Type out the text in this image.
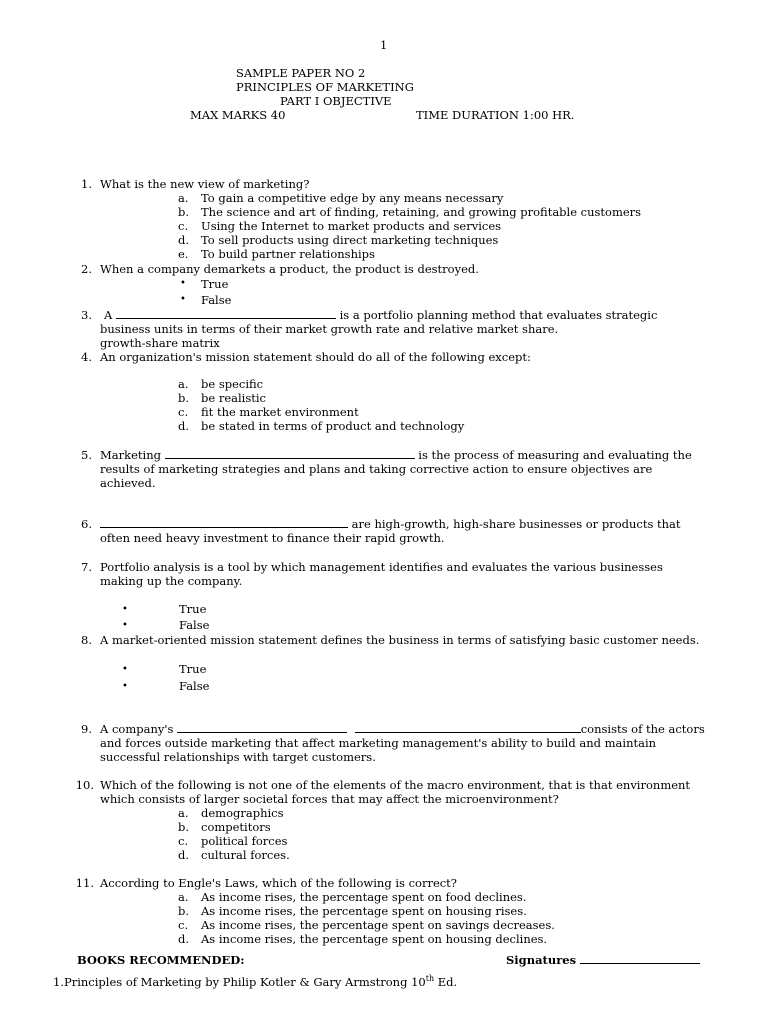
1
SAMPLE PAPER NO 2
PRINCIPLES OF MARKETING
PART I OBJECTIVE
MAX MARKS 40	TIME DURATION 1:00 HR.
1. What is the new view of marketing?
a. To gain a competitive edge by any means necessary
b. The science and art of finding, retaining, and growing profitable customers
c. Using the Internet to market products and services
d. To sell products using direct marketing techniques
e. To build partner relationships
2. When a company demarkets a product, the product is destroyed.
• True
• False
3. A	is a portfolio planning method that evaluates strategic
business units in terms of their market growth rate and relative market share.
growth-share matrix
4. An organization's mission statement should do all of the following except:
a. be specific
b. be realistic
c. fit the market environment
d. be stated in terms of product and technology
5. Marketing	is the process of measuring and evaluating the
results of marketing strategies and plans and taking corrective action to ensure objectives are
achieved.
6.	are high-growth, high-share businesses or products that
often need heavy investment to finance their rapid growth.
7. Portfolio analysis is a tool by which management identifies and evaluates the various businesses
making up the company.
•	True
•	False
8. A market-oriented mission statement defines the business in terms of satisfying basic customer needs.
•	True
•	False
9. A company's	consists of the actors
and forces outside marketing that affect marketing management's ability to build and maintain
successful relationships with target customers.
10. Which of the following is not one of the elements of the macro environment, that is that environment
which consists of larger societal forces that may affect the microenvironment?
a. demographics
b. competitors
c. political forces
d. cultural forces.
11. According to Engle's Laws, which of the following is correct?
a. As income rises, the percentage spent on food declines.
b. As income rises, the percentage spent on housing rises.
c. As income rises, the percentage spent on savings decreases.
d. As income rises, the percentage spent on housing declines.
BOOKS RECOMMENDED:	Signatures
1.Principles of Marketing by Philip Kotler & Gary Armstrong 10th Ed.
